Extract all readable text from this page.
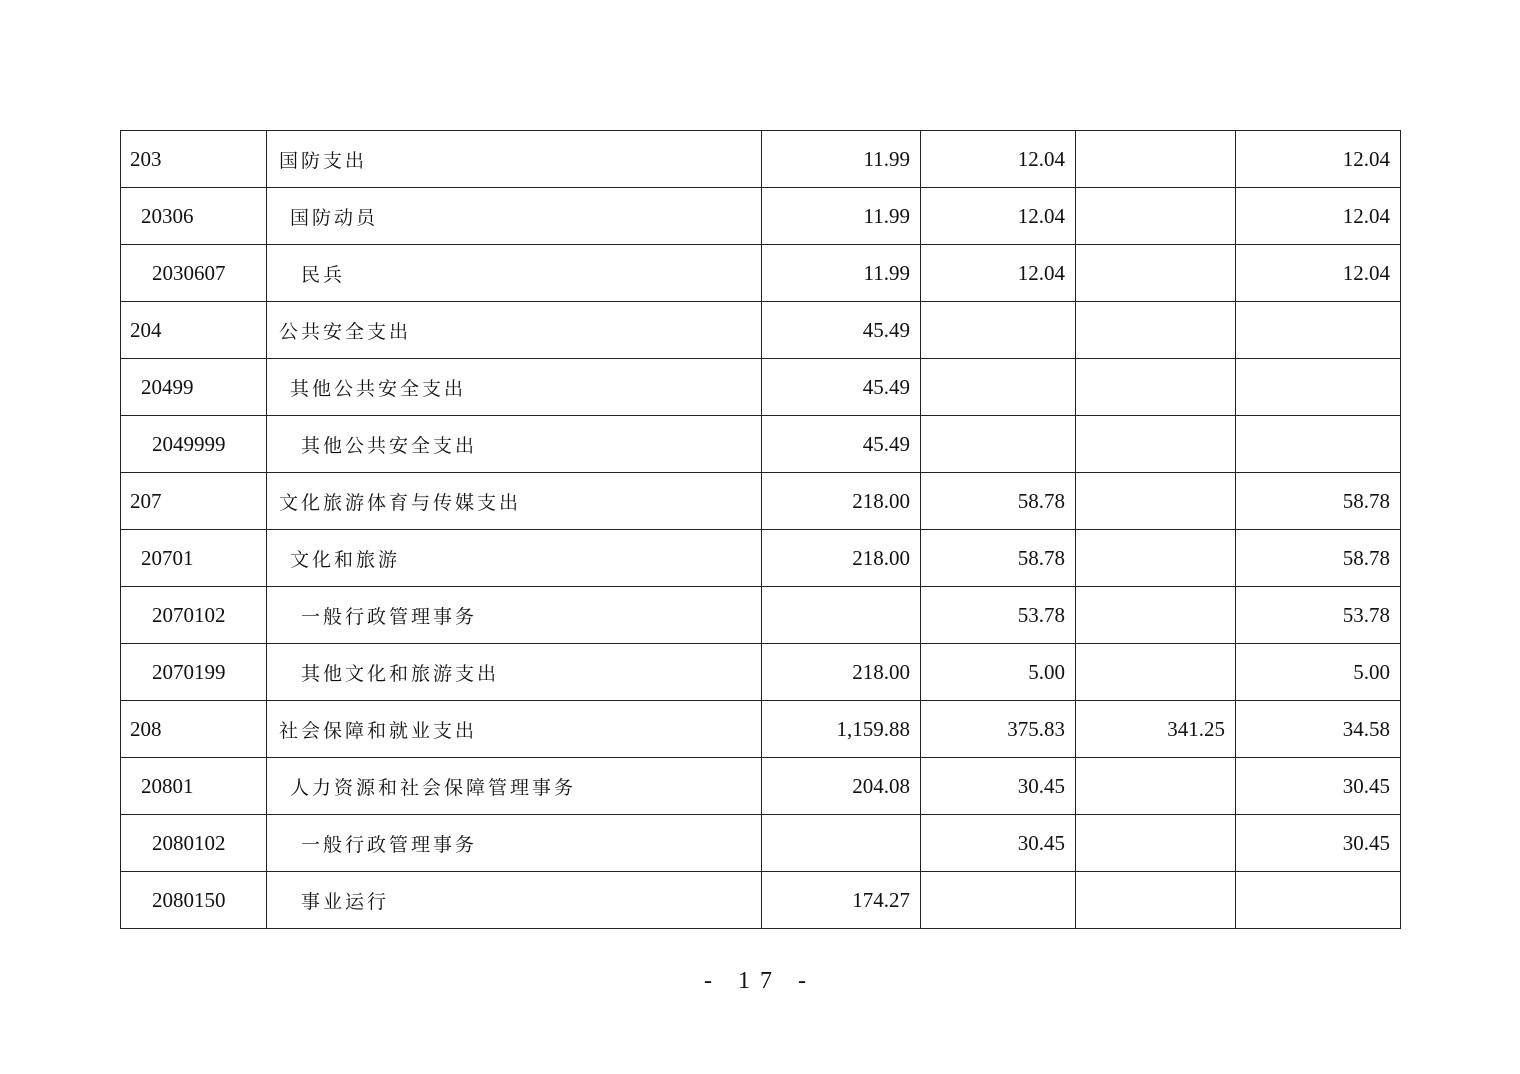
203	国防支出	11.99	12.04		12.04
20306	国防动员	11.99	12.04		12.04
2030607	民兵	11.99	12.04		12.04
204	公共安全支出	45.49			
20499	其他公共安全支出	45.49			
2049999	其他公共安全支出	45.49			
207	文化旅游体育与传媒支出	218.00	58.78		58.78
20701	文化和旅游	218.00	58.78		58.78
2070102	一般行政管理事务		53.78		53.78
2070199	其他文化和旅游支出	218.00	5.00		5.00
208	社会保障和就业支出	1,159.88	375.83	341.25	34.58
20801	人力资源和社会保障管理事务	204.08	30.45		30.45
2080102	一般行政管理事务		30.45		30.45
2080150	事业运行	174.27			
- 17 -
